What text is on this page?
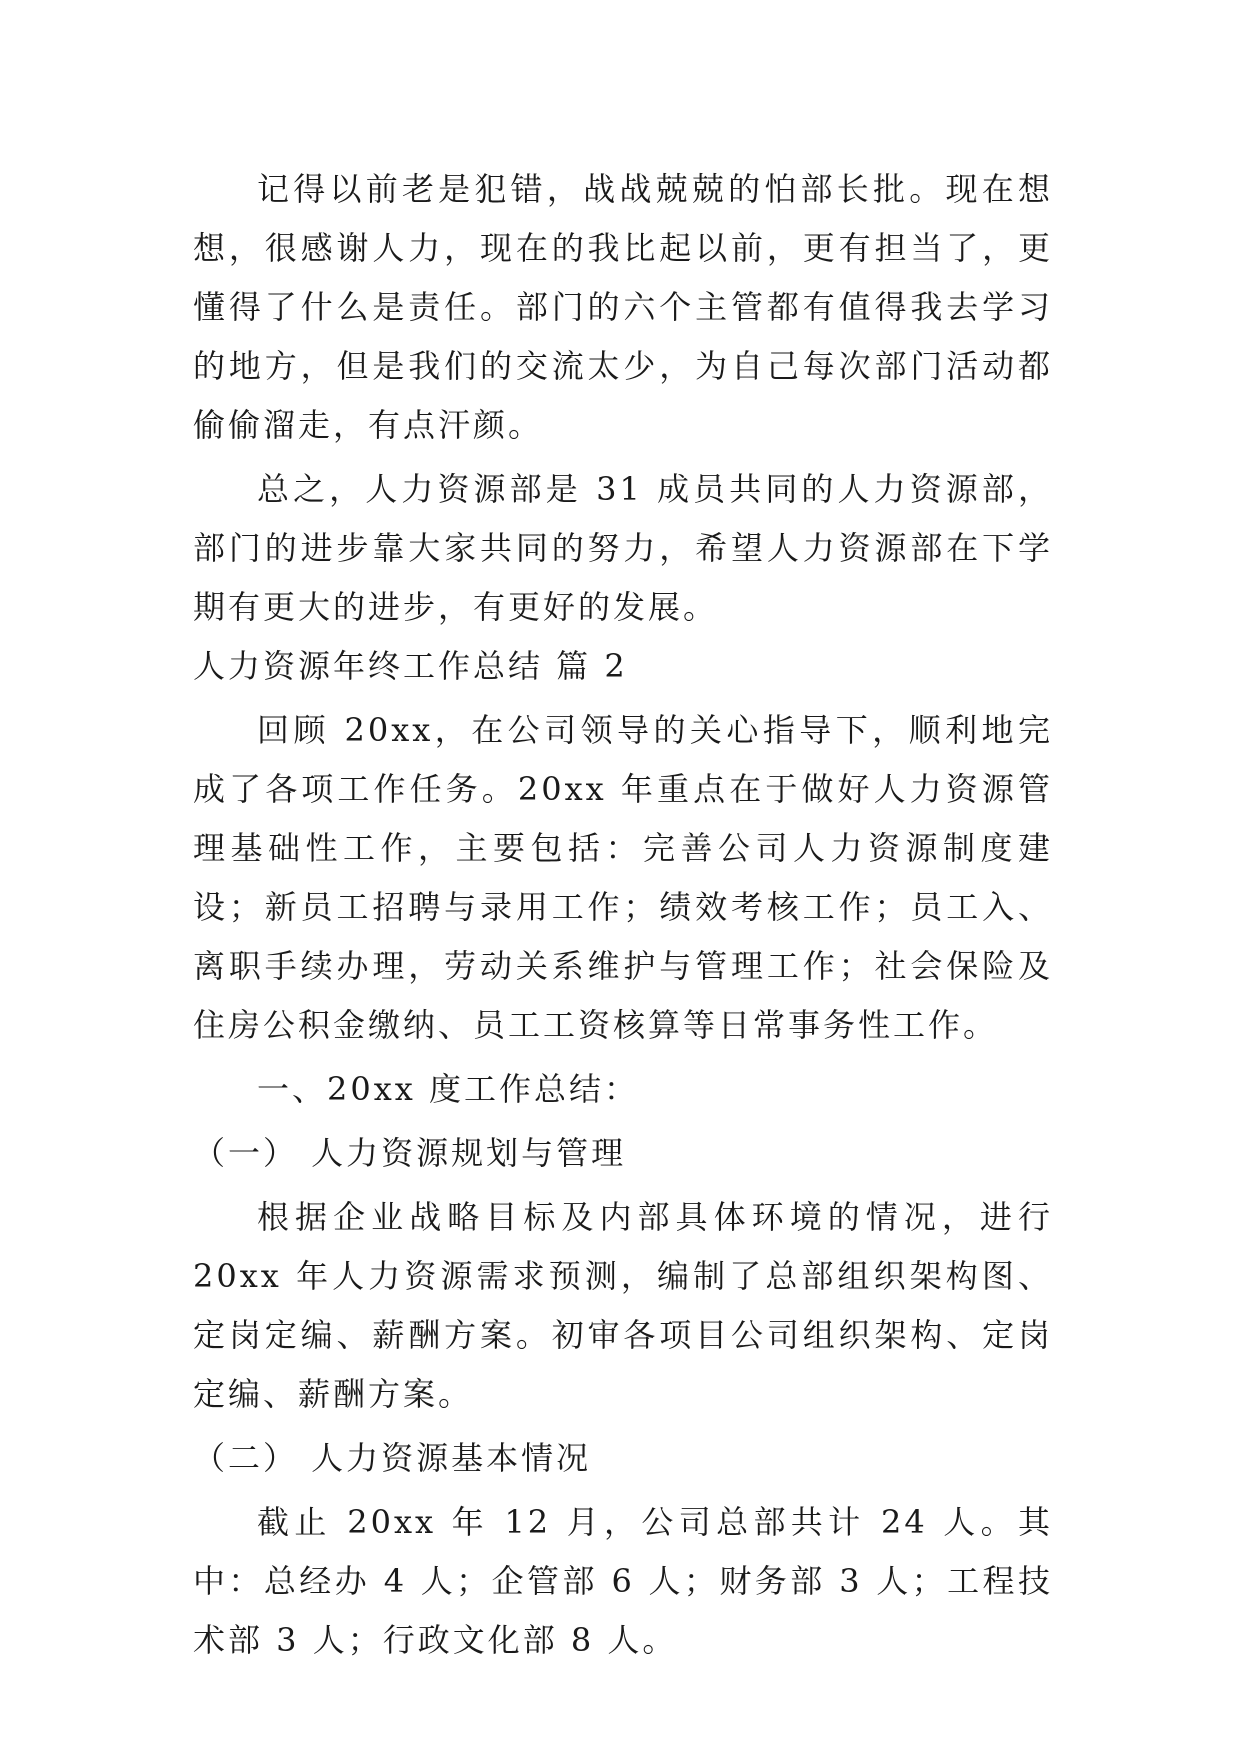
记得以前老是犯错，战战兢兢的怕部长批。现在想想，很感谢人力，现在的我比起以前，更有担当了，更懂得了什么是责任。部门的六个主管都有值得我去学习的地方，但是我们的交流太少，为自己每次部门活动都偷偷溜走，有点汗颜。

总之，人力资源部是 31 成员共同的人力资源部，部门的进步靠大家共同的努力，希望人力资源部在下学期有更大的进步，有更好的发展。

人力资源年终工作总结 篇 2

回顾 20xx，在公司领导的关心指导下，顺利地完成了各项工作任务。20xx 年重点在于做好人力资源管理基础性工作，主要包括：完善公司人力资源制度建设；新员工招聘与录用工作；绩效考核工作；员工入、离职手续办理，劳动关系维护与管理工作；社会保险及住房公积金缴纳、员工工资核算等日常事务性工作。

一、20xx 度工作总结：

（一） 人力资源规划与管理

根据企业战略目标及内部具体环境的情况，进行 20xx 年人力资源需求预测，编制了总部组织架构图、定岗定编、薪酬方案。初审各项目公司组织架构、定岗定编、薪酬方案。

（二） 人力资源基本情况

截止 20xx 年 12 月，公司总部共计 24 人。其中：总经办 4 人；企管部 6 人；财务部 3 人；工程技术部 3 人；行政文化部 8 人。
